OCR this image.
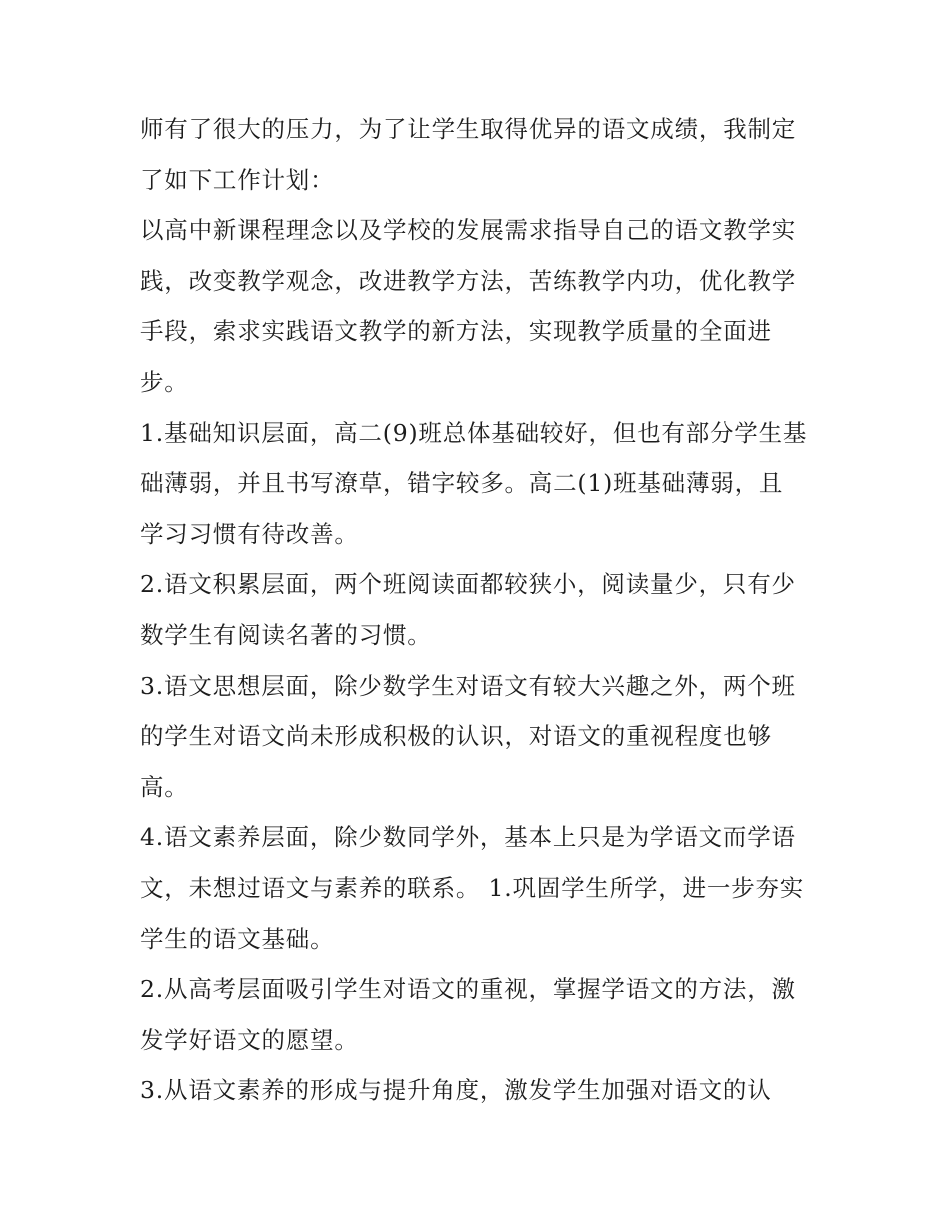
师有了很大的压力，为了让学生取得优异的语文成绩，我制定
了如下工作计划：
以高中新课程理念以及学校的发展需求指导自己的语文教学实
践，改变教学观念，改进教学方法，苦练教学内功，优化教学
手段，索求实践语文教学的新方法，实现教学质量的全面进
步。
1.基础知识层面，高二(9)班总体基础较好，但也有部分学生基
础薄弱，并且书写潦草，错字较多。高二(1)班基础薄弱，且
学习习惯有待改善。
2.语文积累层面，两个班阅读面都较狭小，阅读量少，只有少
数学生有阅读名著的习惯。
3.语文思想层面，除少数学生对语文有较大兴趣之外，两个班
的学生对语文尚未形成积极的认识，对语文的重视程度也够
高。
4.语文素养层面，除少数同学外，基本上只是为学语文而学语
文，未想过语文与素养的联系。 1.巩固学生所学，进一步夯实
学生的语文基础。
2.从高考层面吸引学生对语文的重视，掌握学语文的方法，激
发学好语文的愿望。
3.从语文素养的形成与提升角度，激发学生加强对语文的认
